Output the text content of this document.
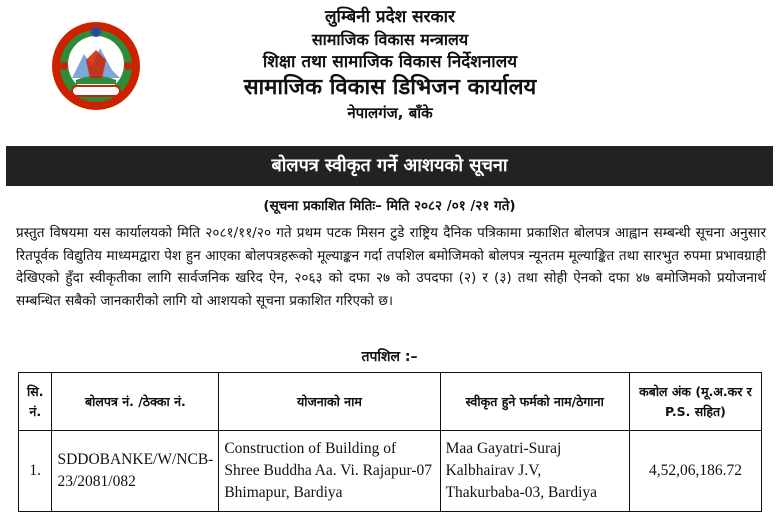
लुम्बिनी प्रदेश सरकार
सामाजिक विकास मन्त्रालय
शिक्षा तथा सामाजिक विकास निर्देशनालय
सामाजिक विकास डिभिजन कार्यालय
नेपालगंज, बाँके
बोलपत्र स्वीकृत गर्ने आशयको सूचना
(सूचना प्रकाशित मितिः– मिति २०८२ /०१ /२१ गते)

प्रस्तुत विषयमा यस कार्यालयको मिति २०८१/११/२० गते प्रथम पटक मिसन टुडे राष्ट्रिय दैनिक पत्रिकामा प्रकाशित बोलपत्र आह्वान सम्बन्धी सूचना अनुसार रितपूर्वक विद्युतिय माध्यमद्वारा पेश हुन आएका बोलपत्रहरूको मूल्याङ्कन गर्दा तपशिल बमोजिमको बोलपत्र न्यूनतम मूल्याङ्कित तथा सारभुत रुपमा प्रभावग्राही देखिएको हुँदा स्वीकृतीका लागि सार्वजनिक खरिद ऐन, २०६३ को दफा २७ को उपदफा (२) र (३) तथा सोही ऐनको दफा ४७ बमोजिमको प्रयोजनार्थ सम्बन्धित सबैको जानकारीको लागि यो आशयको सूचना प्रकाशित गरिएको छ।

तपशिल :–
सि. नं.	बोलपत्र नं. /ठेक्का नं.	योजनाको नाम	स्वीकृत हुने फर्मको नाम/ठेगाना	कबोल अंक (मू.अ.कर र P.S. सहित)
1.	SDDOBANKE/W/NCB-23/2081/082	Construction of Building of Shree Buddha Aa. Vi. Rajapur-07 Bhimapur, Bardiya	Maa Gayatri-Suraj Kalbhairav J.V, Thakurbaba-03, Bardiya	4,52,06,186.72
